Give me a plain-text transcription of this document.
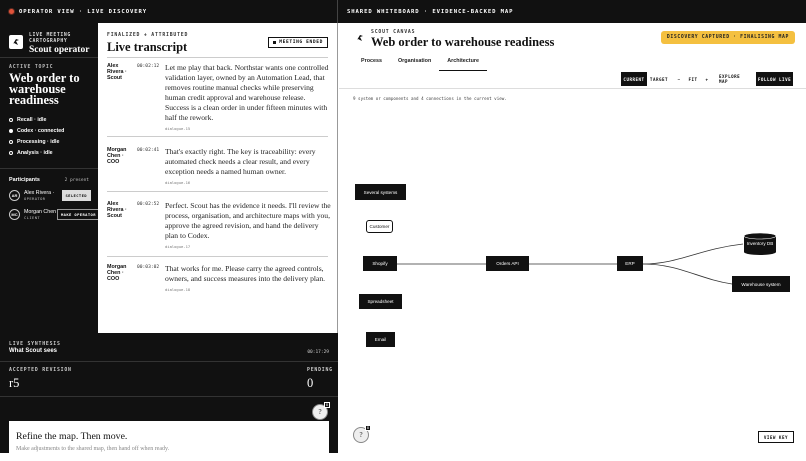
OPERATOR VIEW · LIVE DISCOVERY	SHARED WHITEBOARD · EVIDENCE-BACKED MAP
LIVE MEETING
CARTOGRAPHY
Scout operator
ACTIVE TOPIC
Web order to warehouse readiness
Recall · idle
Codex · connected
Processing · idle
Analysis · idle
Participants	2 present
AR	Alex Rivera ·
OPERATOR
SELECTED
MC	Morgan Chen
CLIENT
MAKE OPERATOR
FINALIZED + ATTRIBUTED
Live transcript	MEETING ENDED
Alex Rivera · Scout
00:02:12 Let me play that back. Northstar wants one controlled validation layer, owned by an Automation Lead, that removes routine manual checks while preserving human credit approval and warehouse release. Success is a clean order in under fifteen minutes with half the rework.
dialogue-15
Morgan Chen · COO
00:02:41 That's exactly right. The key is traceability: every automated check needs a clear result, and every exception needs a named human owner.
dialogue-16
Alex Rivera · Scout
00:02:52 Perfect. Scout has the evidence it needs. I'll review the process, organisation, and architecture maps with you, approve the agreed revision, and hand the delivery plan to Codex.
dialogue-17
Morgan Chen · COO
00:03:02 That works for me. Please carry the agreed controls, owners, and success measures into the delivery plan.
dialogue-18
LIVE SYNTHESIS
What Scout sees	00:17:29
ACCEPTED REVISION
r5
PENDING
0
?
8
Refine the map. Then move.
Make adjustments to the shared map, then hand off when ready.
SCOUT CANVAS
Web order to warehouse readiness	DISCOVERY CAPTURED · FINALISING MAP
Process	Organisation	Architecture
CURRENT	TARGET	−	FIT	+	EXPLORE MAP	FOLLOW LIVE
9 system or components and 4 connections in the current view.
Several systems
Customer
Shopify	Orders API	ERP
Inventory DB
Warehouse system
Spreadsheet
Email
?
8
VIEW KEY
